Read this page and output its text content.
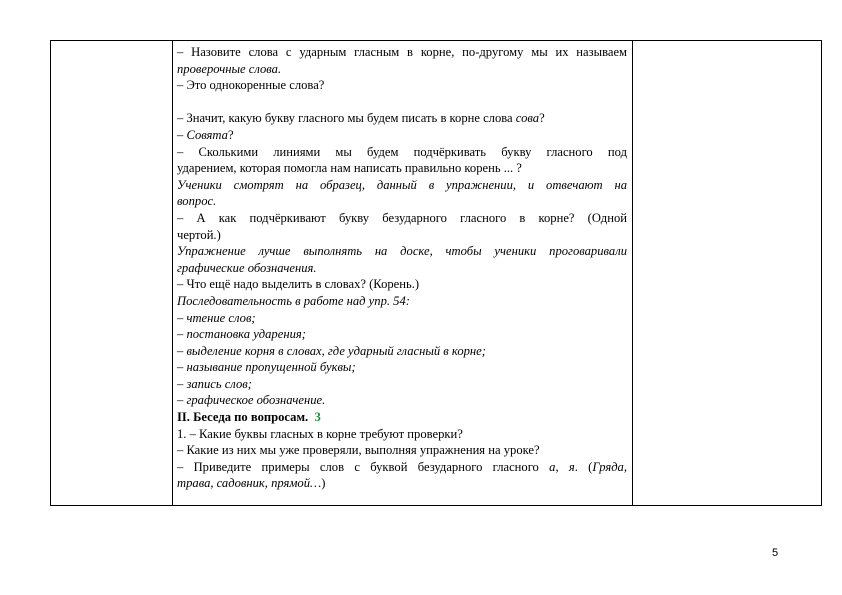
– Назовите слова с ударным гласным в корне, по-другому мы их называем

проверочные слова.

– Это однокоренные слова?

– Значит, какую букву гласного мы будем писать в корне слова сова?

– Совята?

– Сколькими линиями мы будем подчёркивать букву гласного под

ударением, которая помогла нам написать правильно корень ... ?

Ученики смотрят на образец, данный в упражнении, и отвечают на

вопрос.

– А как подчёркивают букву безударного гласного в корне? (Одной

чертой.)

Упражнение лучше выполнять на доске, чтобы ученики проговаривали

графические обозначения.

– Что ещё надо выделить в словах? (Корень.)

Последовательность в работе над упр. 54:

– чтение слов;

– постановка ударения;

– выделение корня в словах, где ударный гласный в корне;

– называние пропущенной буквы;

– запись слов;

– графическое обозначение.

II. Беседа по вопросам. 3

1. – Какие буквы гласных в корне требуют проверки?

– Какие из них мы уже проверяли, выполняя упражнения на уроке?

– Приведите примеры слов с буквой безударного гласного а, я. (Гряда,

трава, садовник, прямой…)

5
